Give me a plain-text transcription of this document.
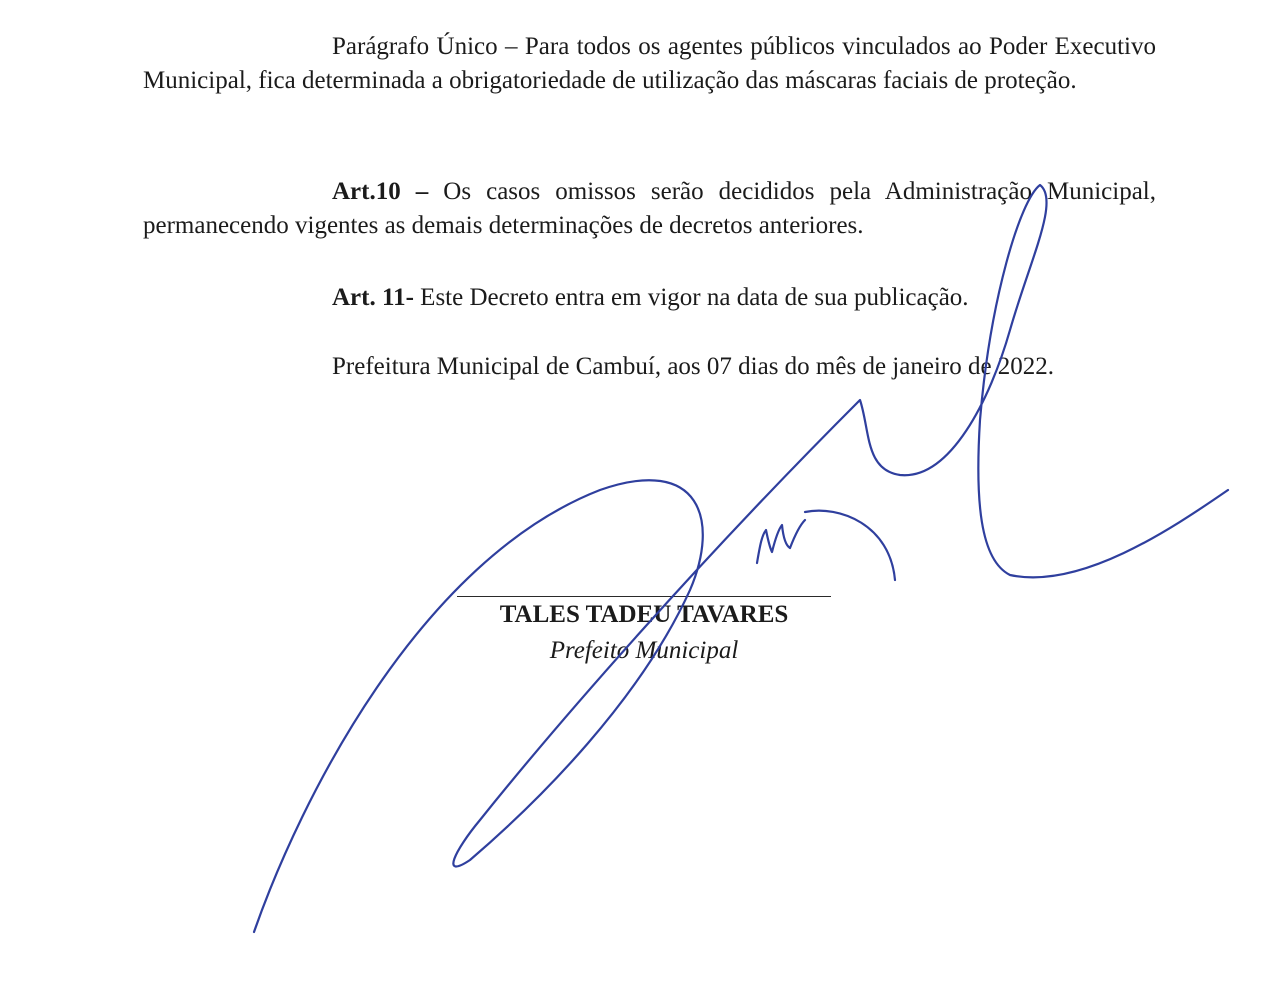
Parágrafo Único – Para todos os agentes públicos vinculados ao Poder Executivo Municipal, fica determinada a obrigatoriedade de utilização das máscaras faciais de proteção.

Art.10 – Os casos omissos serão decididos pela Administração Municipal, permanecendo vigentes as demais determinações de decretos anteriores.

Art. 11- Este Decreto entra em vigor na data de sua publicação.

Prefeitura Municipal de Cambuí, aos 07 dias do mês de janeiro de 2022.

TALES TADEU TAVARES
Prefeito Municipal
